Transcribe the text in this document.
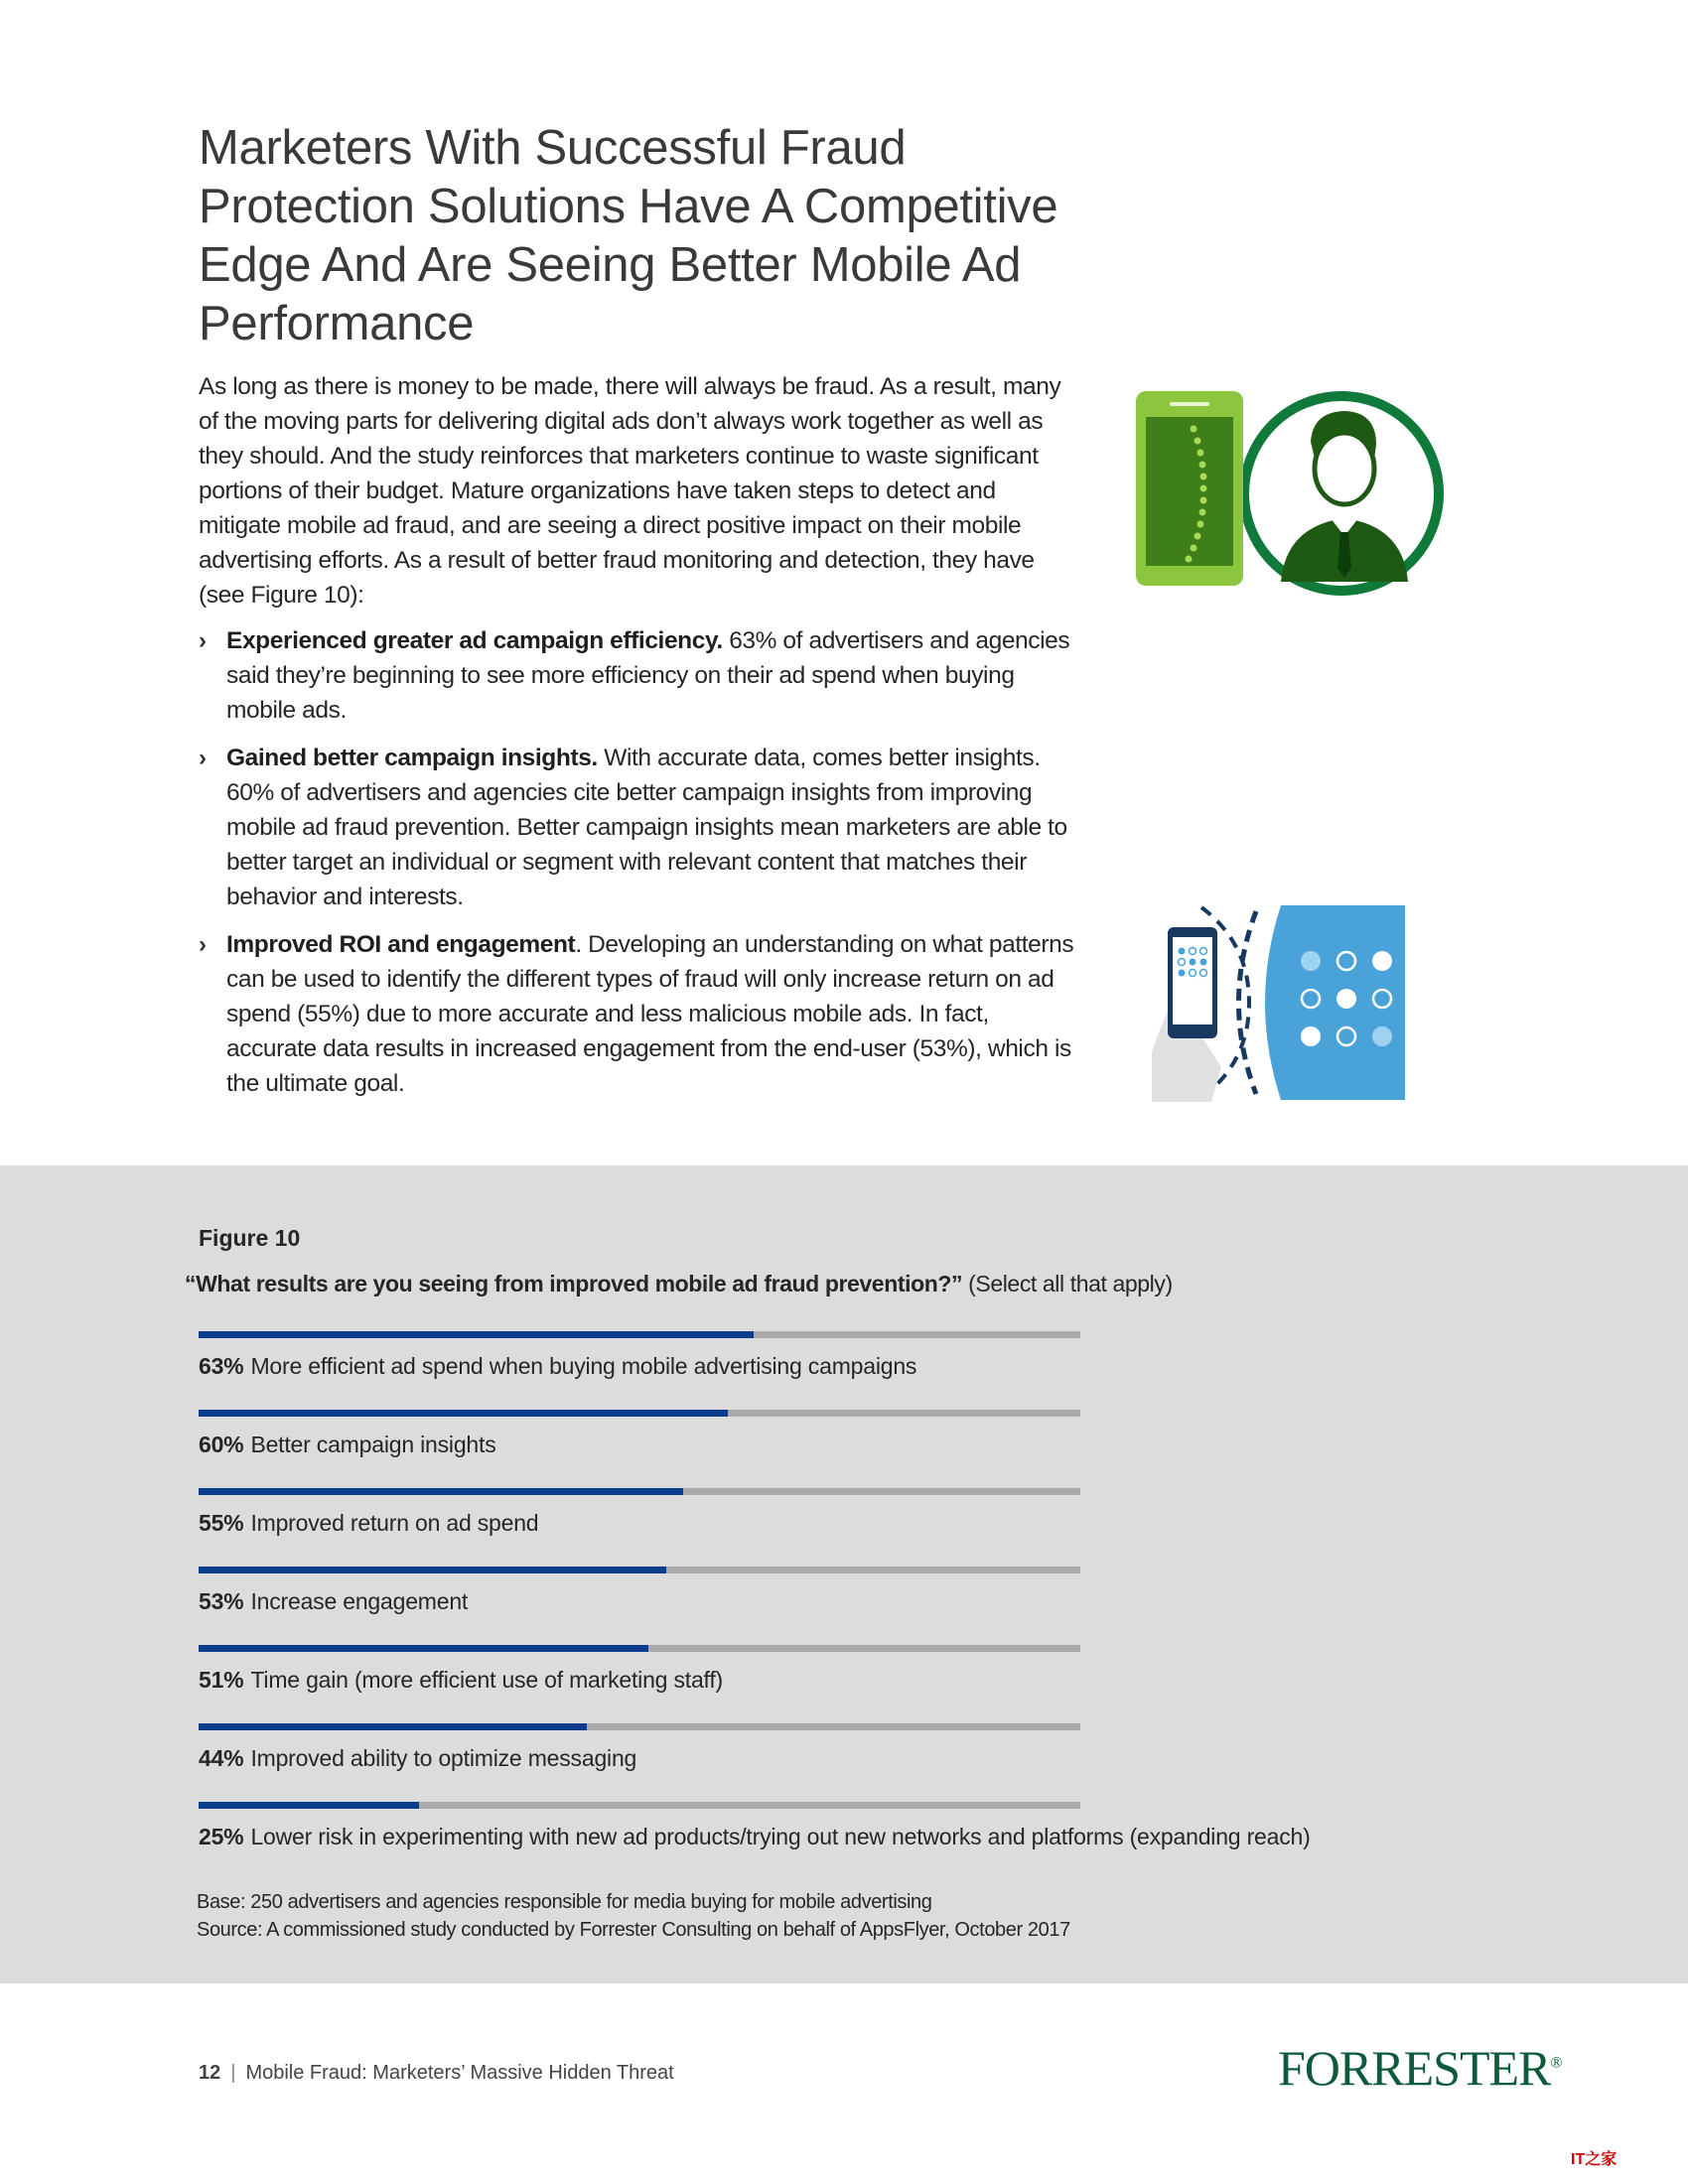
Marketers With Successful Fraud Protection Solutions Have A Competitive Edge And Are Seeing Better Mobile Ad Performance

As long as there is money to be made, there will always be fraud. As a result, many of the moving parts for delivering digital ads don’t always work together as well as they should. And the study reinforces that marketers continue to waste significant portions of their budget. Mature organizations have taken steps to detect and mitigate mobile ad fraud, and are seeing a direct positive impact on their mobile advertising efforts. As a result of better fraud monitoring and detection, they have (see Figure 10):

› Experienced greater ad campaign efficiency. 63% of advertisers and agencies said they’re beginning to see more efficiency on their ad spend when buying mobile ads.
› Gained better campaign insights. With accurate data, comes better insights. 60% of advertisers and agencies cite better campaign insights from improving mobile ad fraud prevention. Better campaign insights mean marketers are able to better target an individual or segment with relevant content that matches their behavior and interests.
› Improved ROI and engagement. Developing an understanding on what patterns can be used to identify the different types of fraud will only increase return on ad spend (55%) due to more accurate and less malicious mobile ads. In fact, accurate data results in increased engagement from the end-user (53%), which is the ultimate goal.

Figure 10

“What results are you seeing from improved mobile ad fraud prevention?” (Select all that apply)

63% More efficient ad spend when buying mobile advertising campaigns
60% Better campaign insights
55% Improved return on ad spend
53% Increase engagement
51% Time gain (more efficient use of marketing staff)
44% Improved ability to optimize messaging
25% Lower risk in experimenting with new ad products/trying out new networks and platforms (expanding reach)

Base: 250 advertisers and agencies responsible for media buying for mobile advertising
Source: A commissioned study conducted by Forrester Consulting on behalf of AppsFlyer, October 2017

12 | Mobile Fraud: Marketers’ Massive Hidden Threat	FORRESTER®
IT之家
